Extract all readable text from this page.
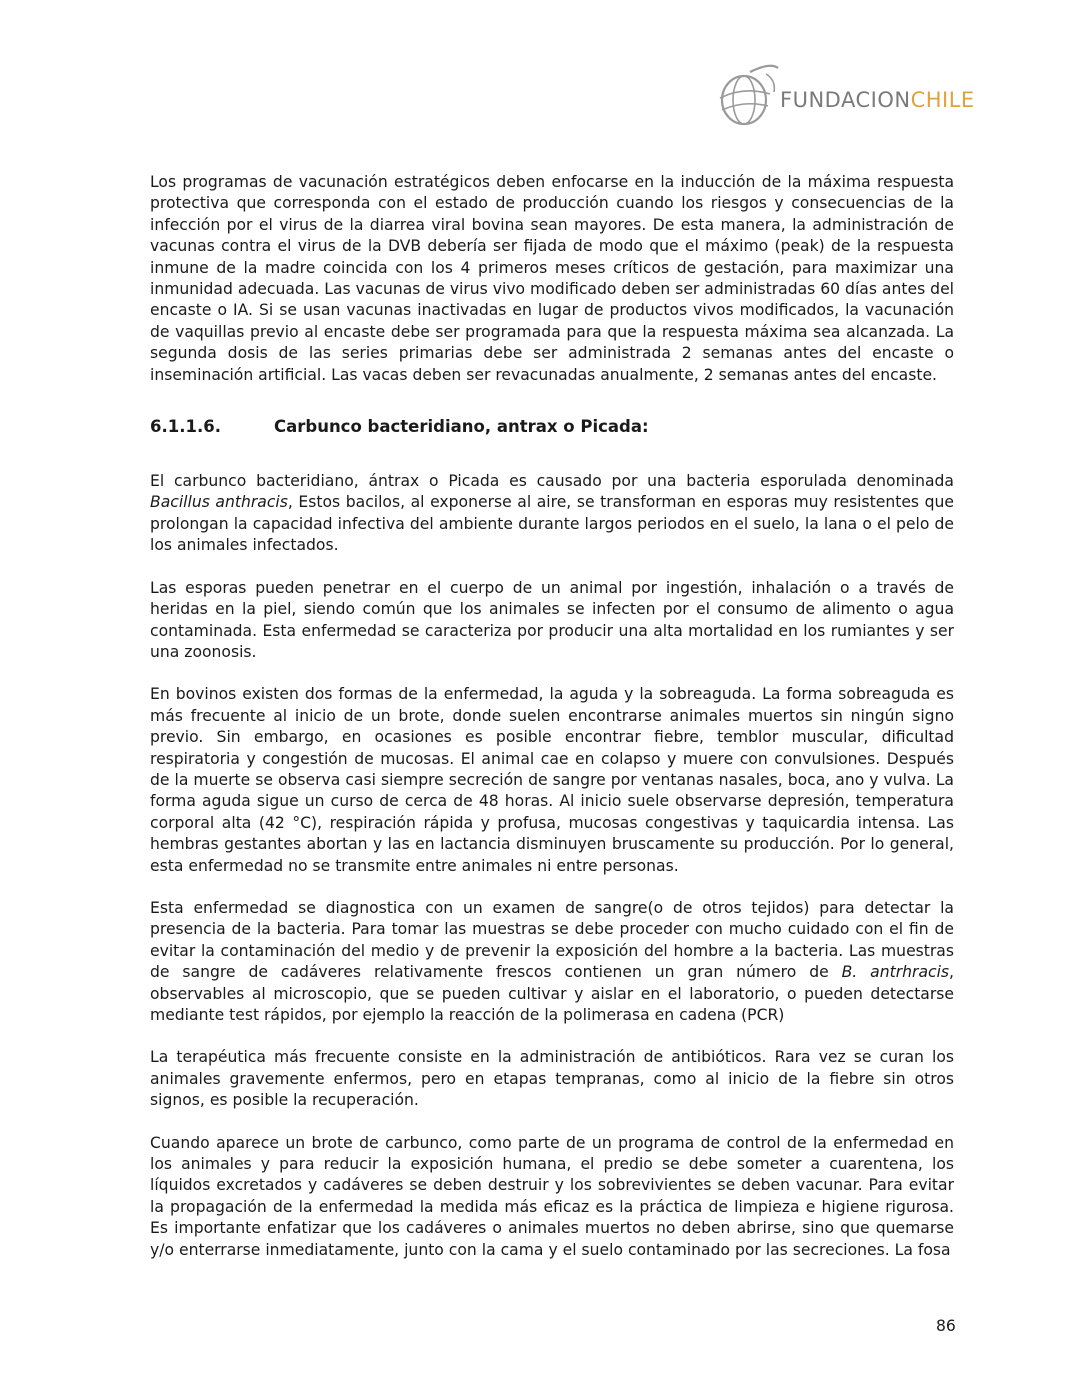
FUNDACIONCHILE

Los programas de vacunación estratégicos deben enfocarse en la inducción de la máxima respuesta protectiva que corresponda con el estado de producción cuando los riesgos y consecuencias de la infección por el virus de la diarrea viral bovina sean mayores. De esta manera, la administración de vacunas contra el virus de la DVB debería ser fijada de modo que el máximo (peak) de la respuesta inmune de la madre coincida con los 4 primeros meses críticos de gestación, para maximizar una inmunidad adecuada. Las vacunas de virus vivo modificado deben ser administradas 60 días antes del encaste o IA. Si se usan vacunas inactivadas en lugar de productos vivos modificados, la vacunación de vaquillas previo al encaste debe ser programada para que la respuesta máxima sea alcanzada. La segunda dosis de las series primarias debe ser administrada 2 semanas antes del encaste o inseminación artificial. Las vacas deben ser revacunadas anualmente, 2 semanas antes del encaste.

6.1.1.6.	Carbunco bacteridiano, antrax o Picada:

El carbunco bacteridiano, ántrax o Picada es causado por una bacteria esporulada denominada Bacillus anthracis, Estos bacilos, al exponerse al aire, se transforman en esporas muy resistentes que prolongan la capacidad infectiva del ambiente durante largos periodos en el suelo, la lana o el pelo de los animales infectados.

Las esporas pueden penetrar en el cuerpo de un animal por ingestión, inhalación o a través de heridas en la piel, siendo común que los animales se infecten por el consumo de alimento o agua contaminada. Esta enfermedad se caracteriza por producir una alta mortalidad en los rumiantes y ser una zoonosis.

En bovinos existen dos formas de la enfermedad, la aguda y la sobreaguda. La forma sobreaguda es más frecuente al inicio de un brote, donde suelen encontrarse animales muertos sin ningún signo previo. Sin embargo, en ocasiones es posible encontrar fiebre, temblor muscular, dificultad respiratoria y congestión de mucosas. El animal cae en colapso y muere con convulsiones. Después de la muerte se observa casi siempre secreción de sangre por ventanas nasales, boca, ano y vulva. La forma aguda sigue un curso de cerca de 48 horas. Al inicio suele observarse depresión, temperatura corporal alta (42 °C), respiración rápida y profusa, mucosas congestivas y taquicardia intensa. Las hembras gestantes abortan y las en lactancia disminuyen bruscamente su producción. Por lo general, esta enfermedad no se transmite entre animales ni entre personas.

Esta enfermedad se diagnostica con un examen de sangre(o de otros tejidos) para detectar la presencia de la bacteria. Para tomar las muestras se debe proceder con mucho cuidado con el fin de evitar la contaminación del medio y de prevenir la exposición del hombre a la bacteria. Las muestras de sangre de cadáveres relativamente frescos contienen un gran número de B. antrhracis, observables al microscopio, que se pueden cultivar y aislar en el laboratorio, o pueden detectarse mediante test rápidos, por ejemplo la reacción de la polimerasa en cadena (PCR)

La terapéutica más frecuente consiste en la administración de antibióticos. Rara vez se curan los animales gravemente enfermos, pero en etapas tempranas, como al inicio de la fiebre sin otros signos, es posible la recuperación.

Cuando aparece un brote de carbunco, como parte de un programa de control de la enfermedad en los animales y para reducir la exposición humana, el predio se debe someter a cuarentena, los líquidos excretados y cadáveres se deben destruir y los sobrevivientes se deben vacunar. Para evitar la propagación de la enfermedad la medida más eficaz es la práctica de limpieza e higiene rigurosa. Es importante enfatizar que los cadáveres o animales muertos no deben abrirse, sino que quemarse y/o enterrarse inmediatamente, junto con la cama y el suelo contaminado por las secreciones. La fosa

86
